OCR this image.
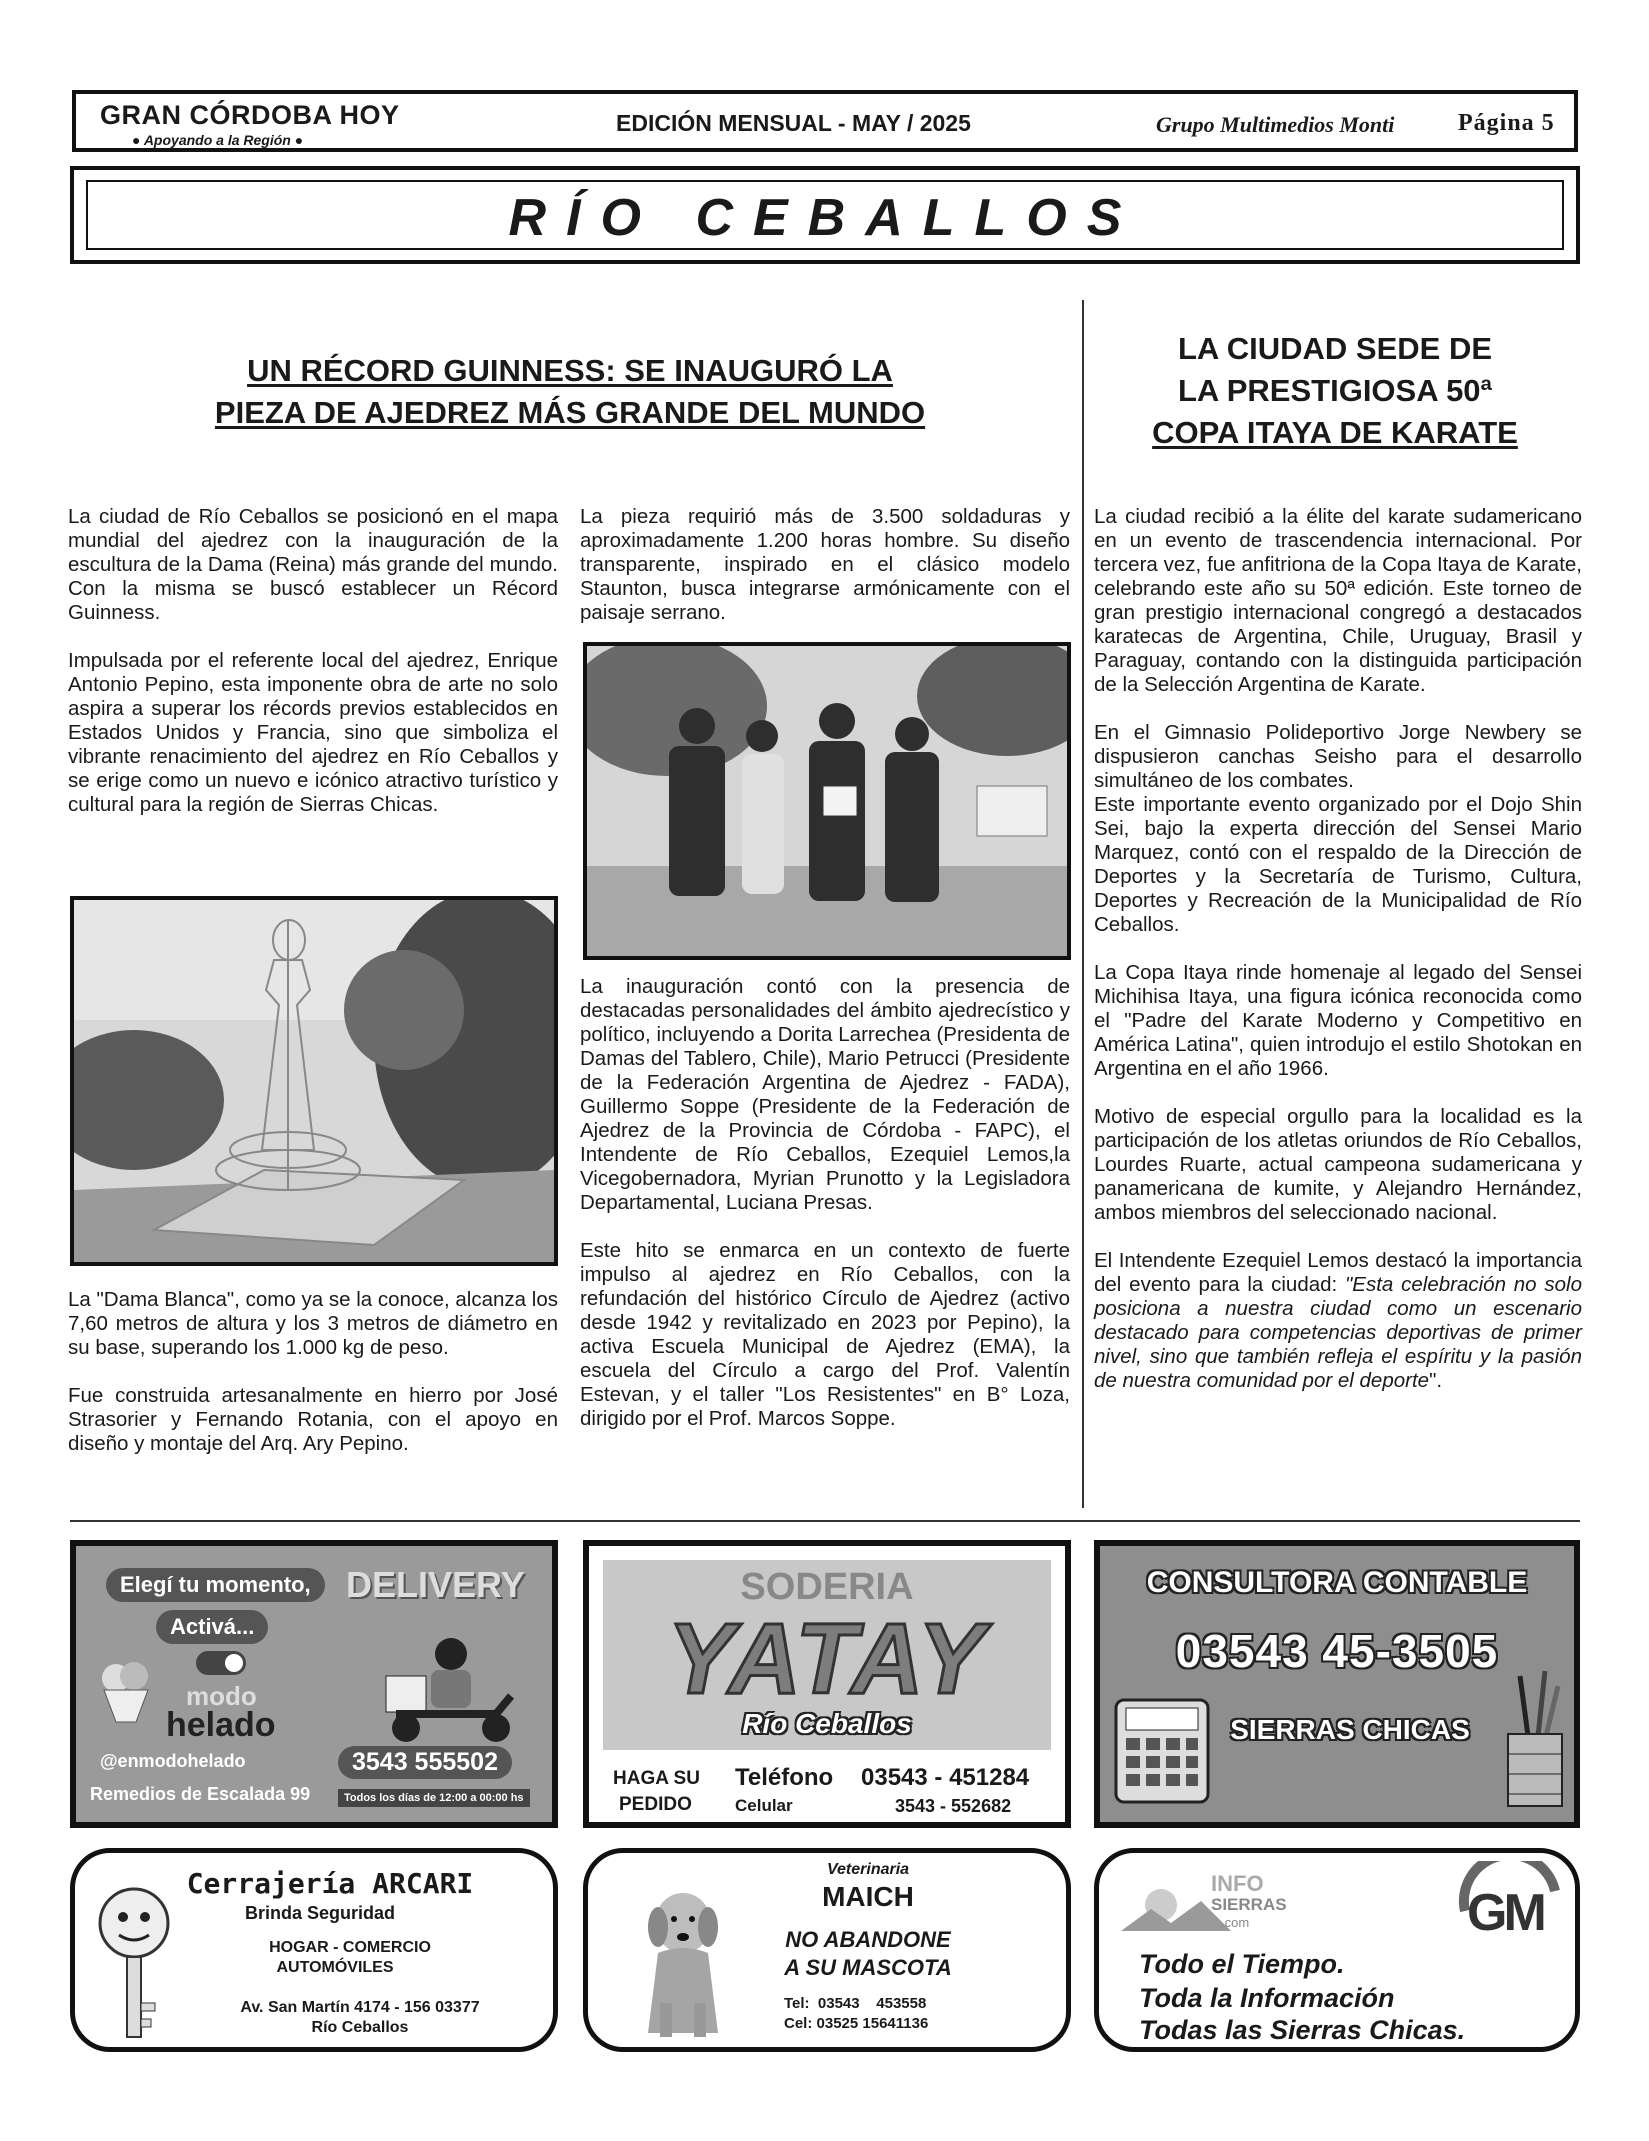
GRAN CÓRDOBA HOY
● Apoyando a la Región ●
EDICIÓN MENSUAL - MAY / 2025	Grupo Multimedios Monti	Página 5
RÍO CEBALLOS
UN RÉCORD GUINNESS: SE INAUGURÓ LA
PIEZA DE AJEDREZ MÁS GRANDE DEL MUNDO

La ciudad de Río Ceballos se posicionó en el mapa mundial del ajedrez con la inauguración de la escultura de la Dama (Reina) más grande del mundo. Con la misma se buscó establecer un Récord Guinness.

Impulsada por el referente local del ajedrez, Enrique Antonio Pepino, esta imponente obra de arte no solo aspira a superar los récords previos establecidos en Estados Unidos y Francia, sino que simboliza el vibrante renacimiento del ajedrez en Río Ceballos y se erige como un nuevo e icónico atractivo turístico y cultural para la región de Sierras Chicas.

La "Dama Blanca", como ya se la conoce, alcanza los 7,60 metros de altura y los 3 metros de diámetro en su base, superando los 1.000 kg de peso.

Fue construida artesanalmente en hierro por José Strasorier y Fernando Rotania, con el apoyo en diseño y montaje del Arq. Ary Pepino.

La pieza requirió más de 3.500 soldaduras y aproximadamente 1.200 horas hombre. Su diseño transparente, inspirado en el clásico modelo Staunton, busca integrarse armónicamente con el paisaje serrano.

La inauguración contó con la presencia de destacadas personalidades del ámbito ajedrecístico y político, incluyendo a Dorita Larrechea (Presidenta de Damas del Tablero, Chile), Mario Petrucci (Presidente de la Federación Argentina de Ajedrez - FADA), Guillermo Soppe (Presidente de la Federación de Ajedrez de la Provincia de Córdoba - FAPC), el Intendente de Río Ceballos, Ezequiel Lemos,la Vicegobernadora, Myrian Prunotto y la Legisladora Departamental, Luciana Presas.

Este hito se enmarca en un contexto de fuerte impulso al ajedrez en Río Ceballos, con la refundación del histórico Círculo de Ajedrez (activo desde 1942 y revitalizado en 2023 por Pepino), la activa Escuela Municipal de Ajedrez (EMA), la escuela del Círculo a cargo del Prof. Valentín Estevan, y el taller "Los Resistentes" en B° Loza, dirigido por el Prof. Marcos Soppe.

LA CIUDAD SEDE DE
LA PRESTIGIOSA 50ª
COPA ITAYA DE KARATE

La ciudad recibió a la élite del karate sudamericano en un evento de trascendencia internacional. Por tercera vez, fue anfitriona de la Copa Itaya de Karate, celebrando este año su 50ª edición. Este torneo de gran prestigio internacional congregó a destacados karatecas de Argentina, Chile, Uruguay, Brasil y Paraguay, contando con la distinguida participación de la Selección Argentina de Karate.

En el Gimnasio Polideportivo Jorge Newbery se dispusieron canchas Seisho para el desarrollo simultáneo de los combates.

Este importante evento organizado por el Dojo Shin Sei, bajo la experta dirección del Sensei Mario Marquez, contó con el respaldo de la Dirección de Deportes y la Secretaría de Turismo, Cultura, Deportes y Recreación de la Municipalidad de Río Ceballos.

La Copa Itaya rinde homenaje al legado del Sensei Michihisa Itaya, una figura icónica reconocida como el "Padre del Karate Moderno y Competitivo en América Latina", quien introdujo el estilo Shotokan en Argentina en el año 1966.

Motivo de especial orgullo para la localidad es la participación de los atletas oriundos de Río Ceballos, Lourdes Ruarte, actual campeona sudamericana y panamericana de kumite, y Alejandro Hernández, ambos miembros del seleccionado nacional.

El Intendente Ezequiel Lemos destacó la importancia del evento para la ciudad: "Esta celebración no solo posiciona a nuestra ciudad como un escenario destacado para competencias deportivas de primer nivel, sino que también refleja el espíritu y la pasión de nuestra comunidad por el deporte".

Elegí tu momento,
Activá...
DELIVERY
modo
helado
3543 555502
@enmodohelado
Remedios de Escalada 99	Todos los días de 12:00 a 00:00 hs
SODERIA
YATAY
Río Ceballos
HAGA SU
PEDIDO
Teléfono 03543 - 451284
Celular	3543 - 552682
CONSULTORA CONTABLE
03543 45-3505
SIERRAS CHICAS
Cerrajería ARCARI
Brinda Seguridad
HOGAR - COMERCIO
AUTOMÓVILES
Av. San Martín 4174 - 156 03377
Río Ceballos
Veterinaria
MAICH
NO ABANDONE
A SU MASCOTA
Tel:  03543    453558
Cel: 03525 15641136
INFO
SIERRAS
.com	GM
Todo el Tiempo.
Toda la Información
Todas las Sierras Chicas.
